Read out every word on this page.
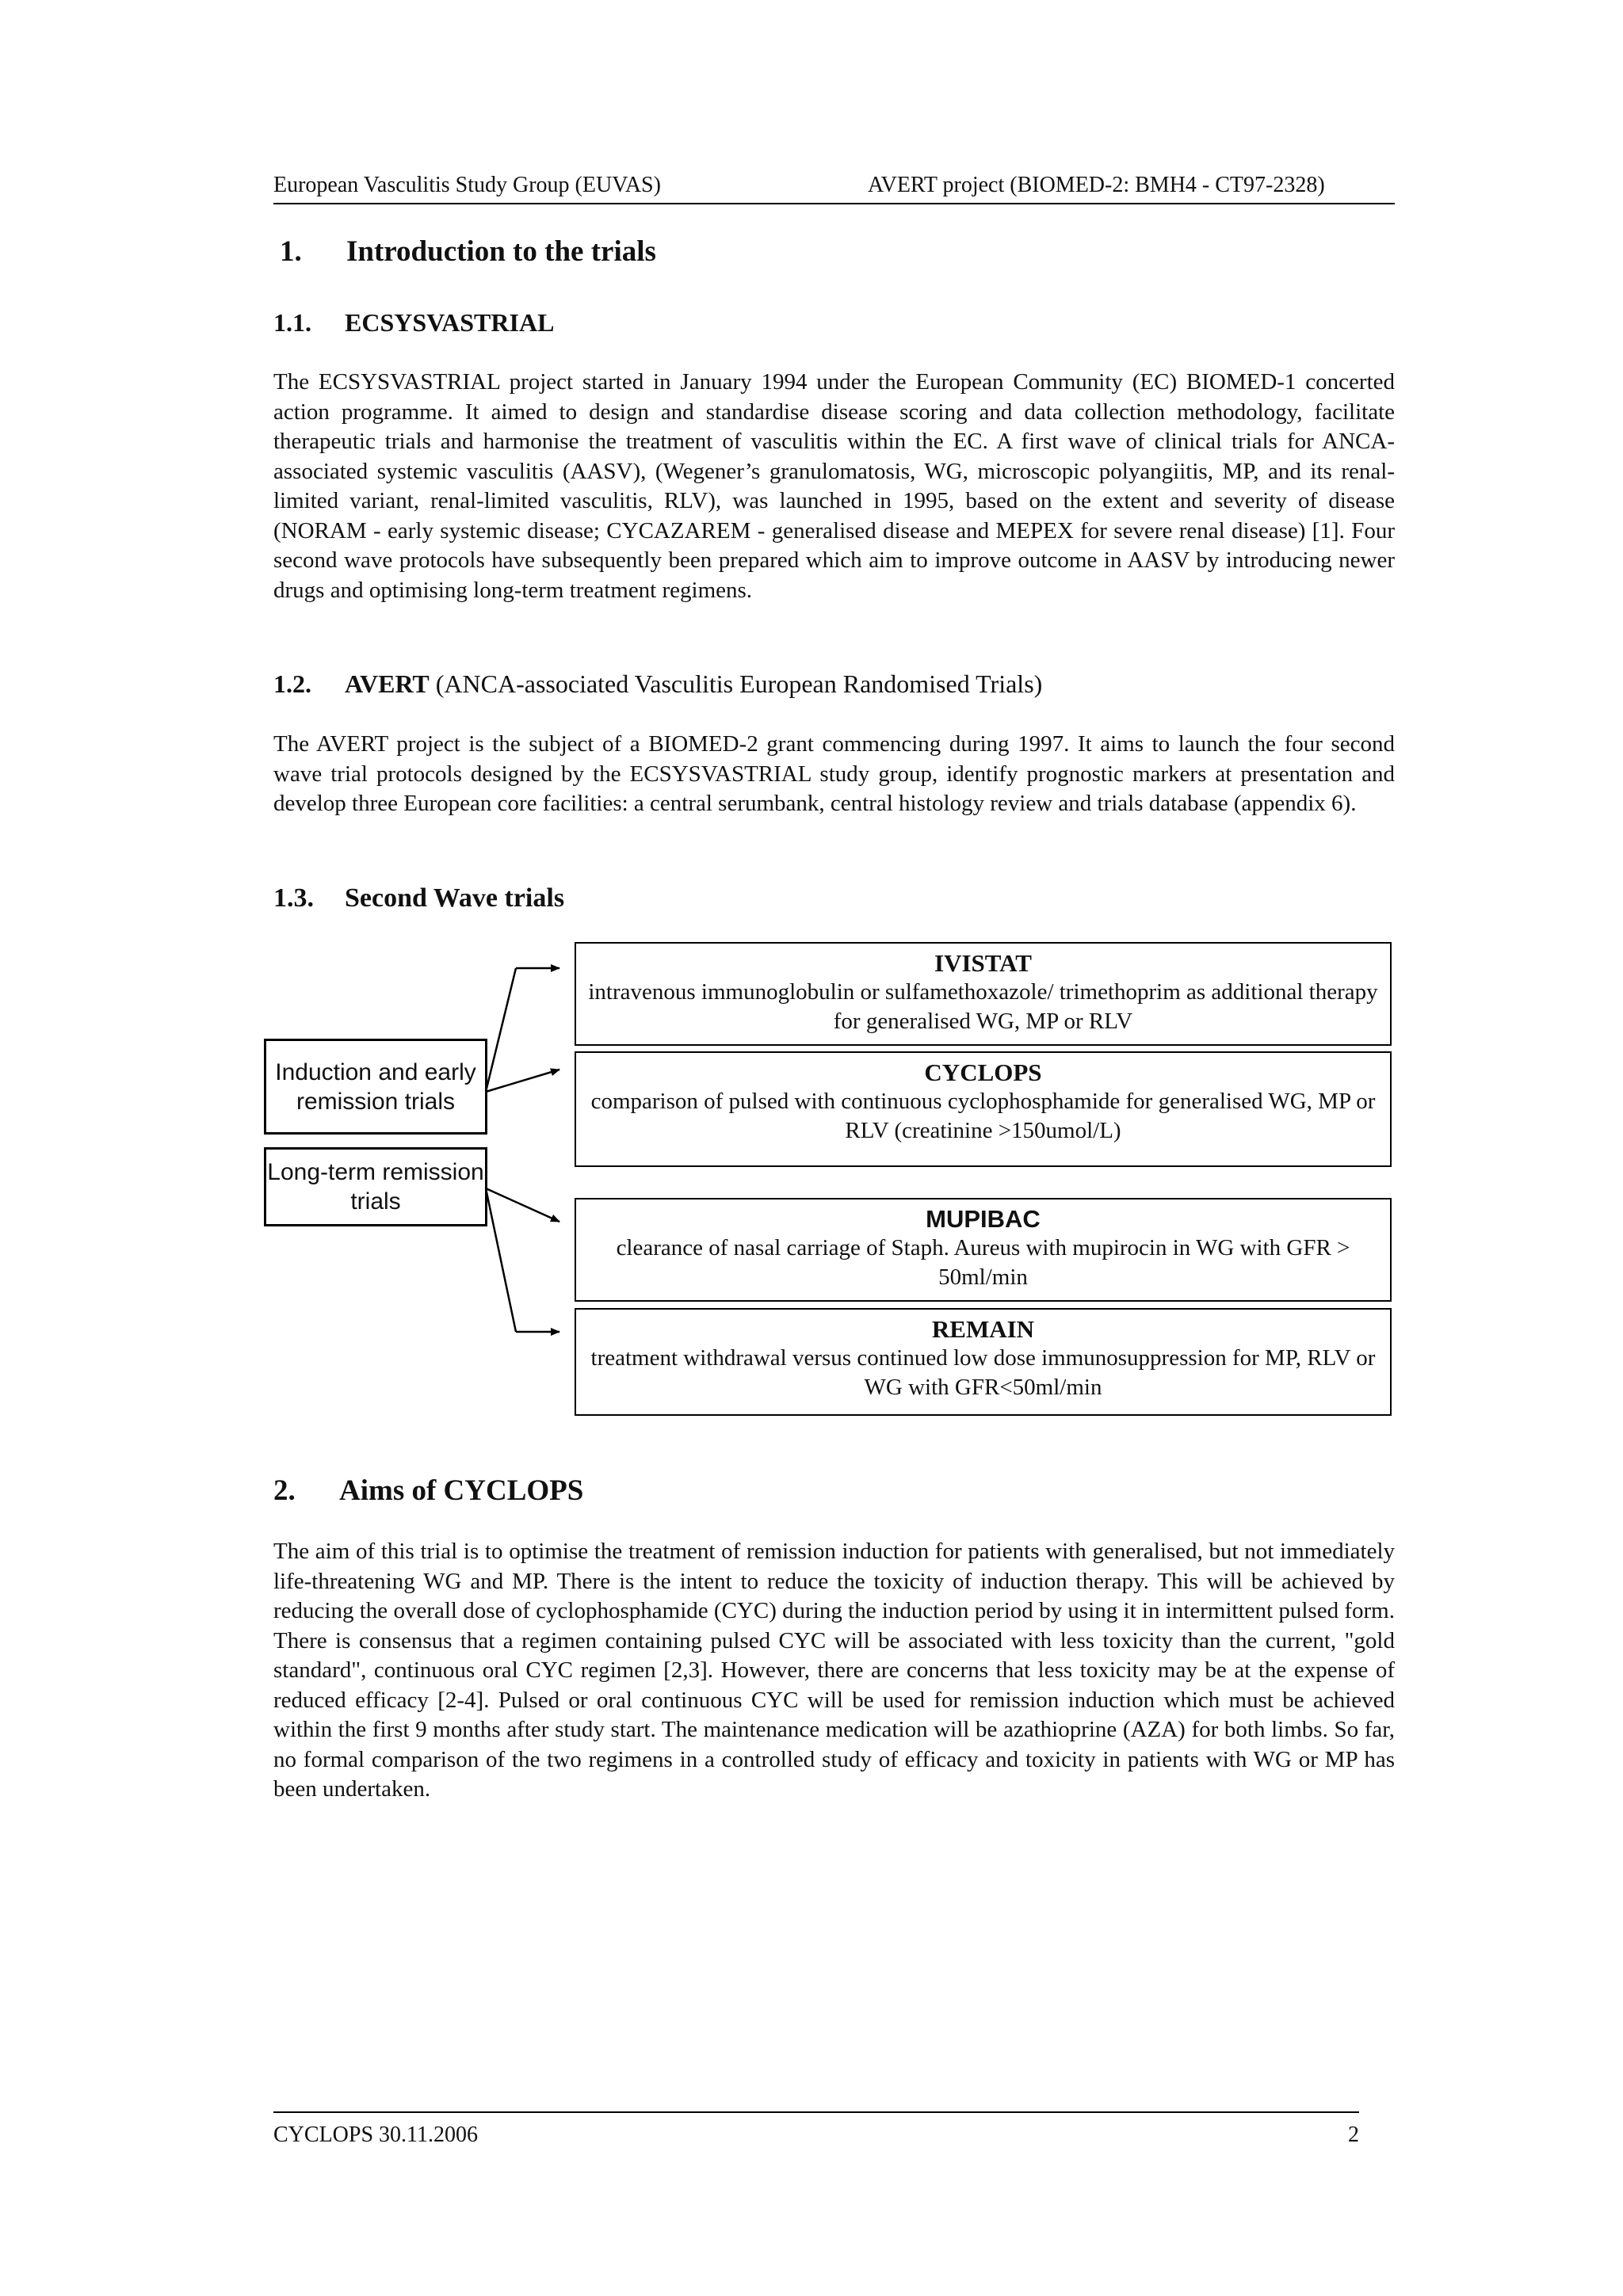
European Vasculitis Study Group (EUVAS)	AVERT project (BIOMED-2: BMH4 - CT97-2328)
1. Introduction to the trials
1.1. ECSYSVASTRIAL
The ECSYSVASTRIAL project started in January 1994 under the European Community (EC) BIOMED-1 concerted action programme. It aimed to design and standardise disease scoring and data collection methodology, facilitate therapeutic trials and harmonise the treatment of vasculitis within the EC. A first wave of clinical trials for ANCA-associated systemic vasculitis (AASV), (Wegener’s granulomatosis, WG, microscopic polyangiitis, MP, and its renal-limited variant, renal-limited vasculitis, RLV), was launched in 1995, based on the extent and severity of disease (NORAM - early systemic disease; CYCAZAREM - generalised disease and MEPEX for severe renal disease) [1]. Four second wave protocols have subsequently been prepared which aim to improve outcome in AASV by introducing newer drugs and optimising long-term treatment regimens.
1.2. AVERT (ANCA-associated Vasculitis European Randomised Trials)
The AVERT project is the subject of a BIOMED-2 grant commencing during 1997. It aims to launch the four second wave trial protocols designed by the ECSYSVASTRIAL study group, identify prognostic markers at presentation and develop three European core facilities: a central serumbank, central histology review and trials database (appendix 6).
1.3. Second Wave trials
Induction and early remission trials
Long-term remission trials
IVISTAT
intravenous immunoglobulin or sulfamethoxazole/ trimethoprim as additional therapy for generalised WG, MP or RLV
CYCLOPS
comparison of pulsed with continuous cyclophosphamide for generalised WG, MP or RLV (creatinine >150umol/L)
MUPIBAC
clearance of nasal carriage of Staph. Aureus with mupirocin in WG with GFR > 50ml/min
REMAIN
treatment withdrawal versus continued low dose immunosuppression for MP, RLV or WG with GFR<50ml/min
2. Aims of CYCLOPS
The aim of this trial is to optimise the treatment of remission induction for patients with generalised, but not immediately life-threatening WG and MP. There is the intent to reduce the toxicity of induction therapy. This will be achieved by reducing the overall dose of cyclophosphamide (CYC) during the induction period by using it in intermittent pulsed form. There is consensus that a regimen containing pulsed CYC will be associated with less toxicity than the current, "gold standard", continuous oral CYC regimen [2,3]. However, there are concerns that less toxicity may be at the expense of reduced efficacy [2-4]. Pulsed or oral continuous CYC will be used for remission induction which must be achieved within the first 9 months after study start. The maintenance medication will be azathioprine (AZA) for both limbs. So far, no formal comparison of the two regimens in a controlled study of efficacy and toxicity in patients with WG or MP has been undertaken.
CYCLOPS 30.11.2006	2
